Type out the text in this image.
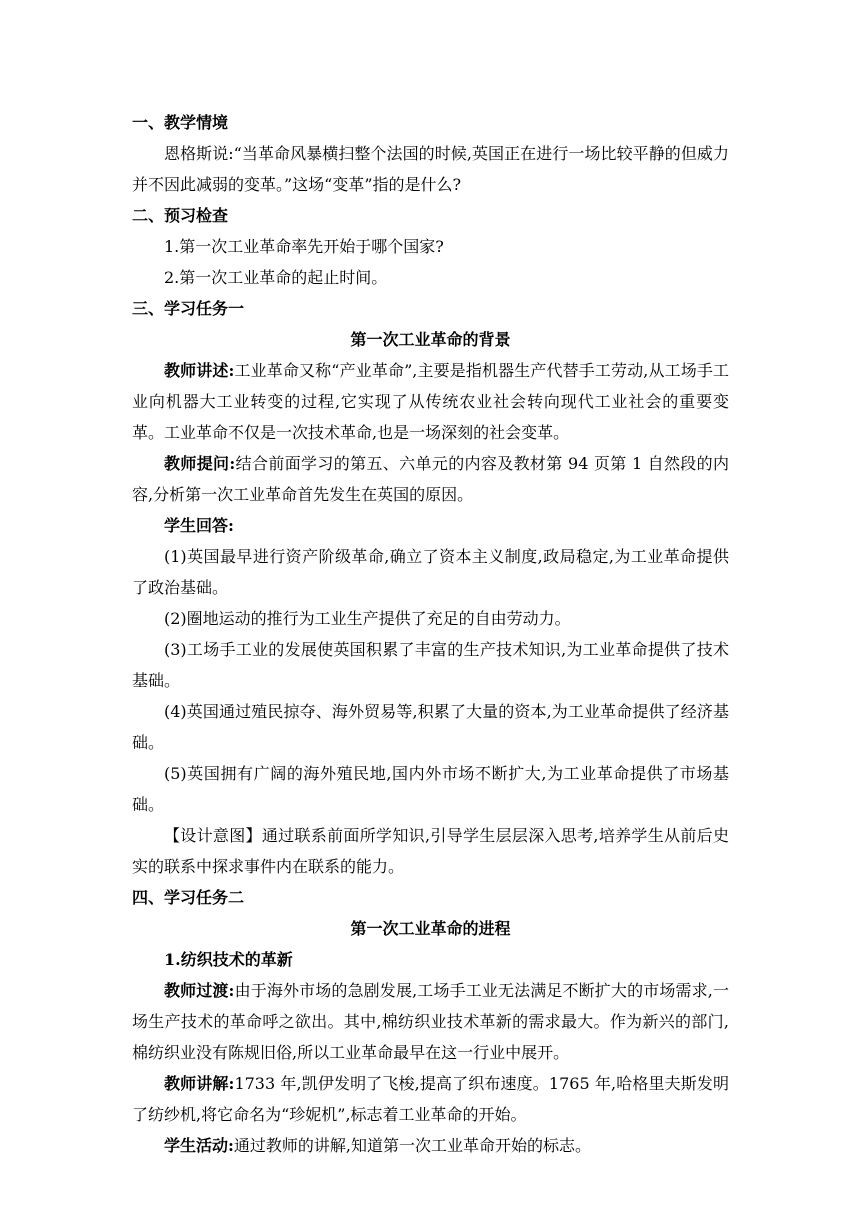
一、教学情境

恩格斯说:“当革命风暴横扫整个法国的时候,英国正在进行一场比较平静的但威力并不因此减弱的变革。”这场“变革”指的是什么?

二、预习检查

1.第一次工业革命率先开始于哪个国家?

2.第一次工业革命的起止时间。

三、学习任务一

第一次工业革命的背景

教师讲述:工业革命又称“产业革命”,主要是指机器生产代替手工劳动,从工场手工业向机器大工业转变的过程,它实现了从传统农业社会转向现代工业社会的重要变革。工业革命不仅是一次技术革命,也是一场深刻的社会变革。

教师提问:结合前面学习的第五、六单元的内容及教材第 94 页第 1 自然段的内容,分析第一次工业革命首先发生在英国的原因。

学生回答:

(1)英国最早进行资产阶级革命,确立了资本主义制度,政局稳定,为工业革命提供了政治基础。

(2)圈地运动的推行为工业生产提供了充足的自由劳动力。

(3)工场手工业的发展使英国积累了丰富的生产技术知识,为工业革命提供了技术基础。

(4)英国通过殖民掠夺、海外贸易等,积累了大量的资本,为工业革命提供了经济基础。

(5)英国拥有广阔的海外殖民地,国内外市场不断扩大,为工业革命提供了市场基础。

【设计意图】通过联系前面所学知识,引导学生层层深入思考,培养学生从前后史实的联系中探求事件内在联系的能力。

四、学习任务二

第一次工业革命的进程

1.纺织技术的革新

教师过渡:由于海外市场的急剧发展,工场手工业无法满足不断扩大的市场需求,一场生产技术的革命呼之欲出。其中,棉纺织业技术革新的需求最大。作为新兴的部门,棉纺织业没有陈规旧俗,所以工业革命最早在这一行业中展开。

教师讲解:1733 年,凯伊发明了飞梭,提高了织布速度。1765 年,哈格里夫斯发明了纺纱机,将它命名为“珍妮机”,标志着工业革命的开始。

学生活动:通过教师的讲解,知道第一次工业革命开始的标志。
